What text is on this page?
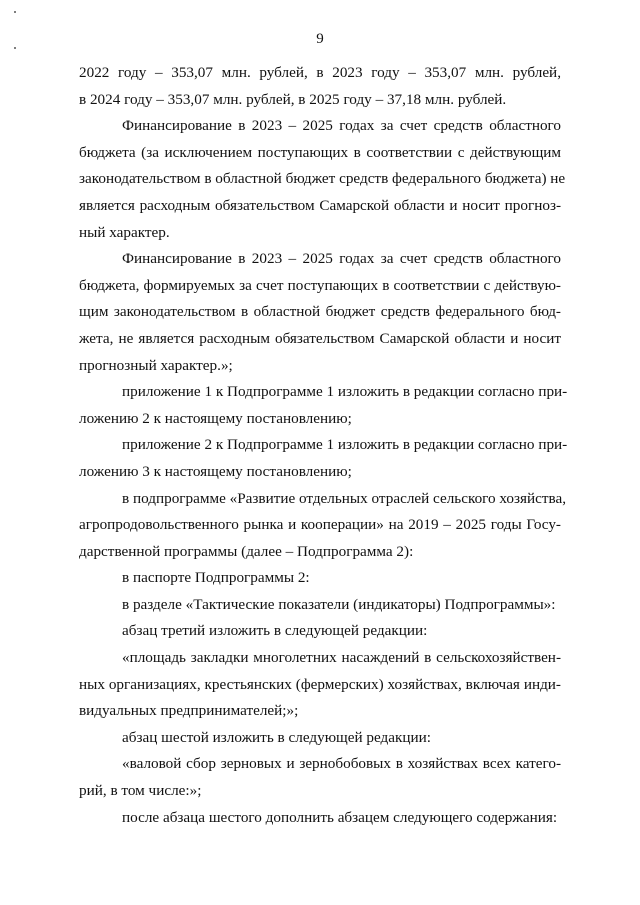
9
2022 году – 353,07 млн. рублей, в 2023 году – 353,07 млн. рублей,
в 2024 году – 353,07 млн. рублей, в 2025 году – 37,18 млн. рублей.
Финансирование в 2023 – 2025 годах за счет средств областного
бюджета (за исключением поступающих в соответствии с действующим
законодательством в областной бюджет средств федерального бюджета) не
является расходным обязательством Самарской области и носит прогноз-
ный характер.
Финансирование в 2023 – 2025 годах за счет средств областного
бюджета, формируемых за счет поступающих в соответствии с действую-
щим законодательством в областной бюджет средств федерального бюд-
жета, не является расходным обязательством Самарской области и носит
прогнозный характер.»;
приложение 1 к Подпрограмме 1 изложить в редакции согласно при-
ложению 2 к настоящему постановлению;
приложение 2 к Подпрограмме 1 изложить в редакции согласно при-
ложению 3 к настоящему постановлению;
в подпрограмме «Развитие отдельных отраслей сельского хозяйства,
агропродовольственного рынка и кооперации» на 2019 – 2025 годы Госу-
дарственной программы (далее – Подпрограмма 2):
в паспорте Подпрограммы 2:
в разделе «Тактические показатели (индикаторы) Подпрограммы»:
абзац третий изложить в следующей редакции:
«площадь закладки многолетних насаждений в сельскохозяйствен-
ных организациях, крестьянских (фермерских) хозяйствах, включая инди-
видуальных предпринимателей;»;
абзац шестой изложить в следующей редакции:
«валовой сбор зерновых и зернобобовых в хозяйствах всех катего-
рий, в том числе:»;
после абзаца шестого дополнить абзацем следующего содержания:
